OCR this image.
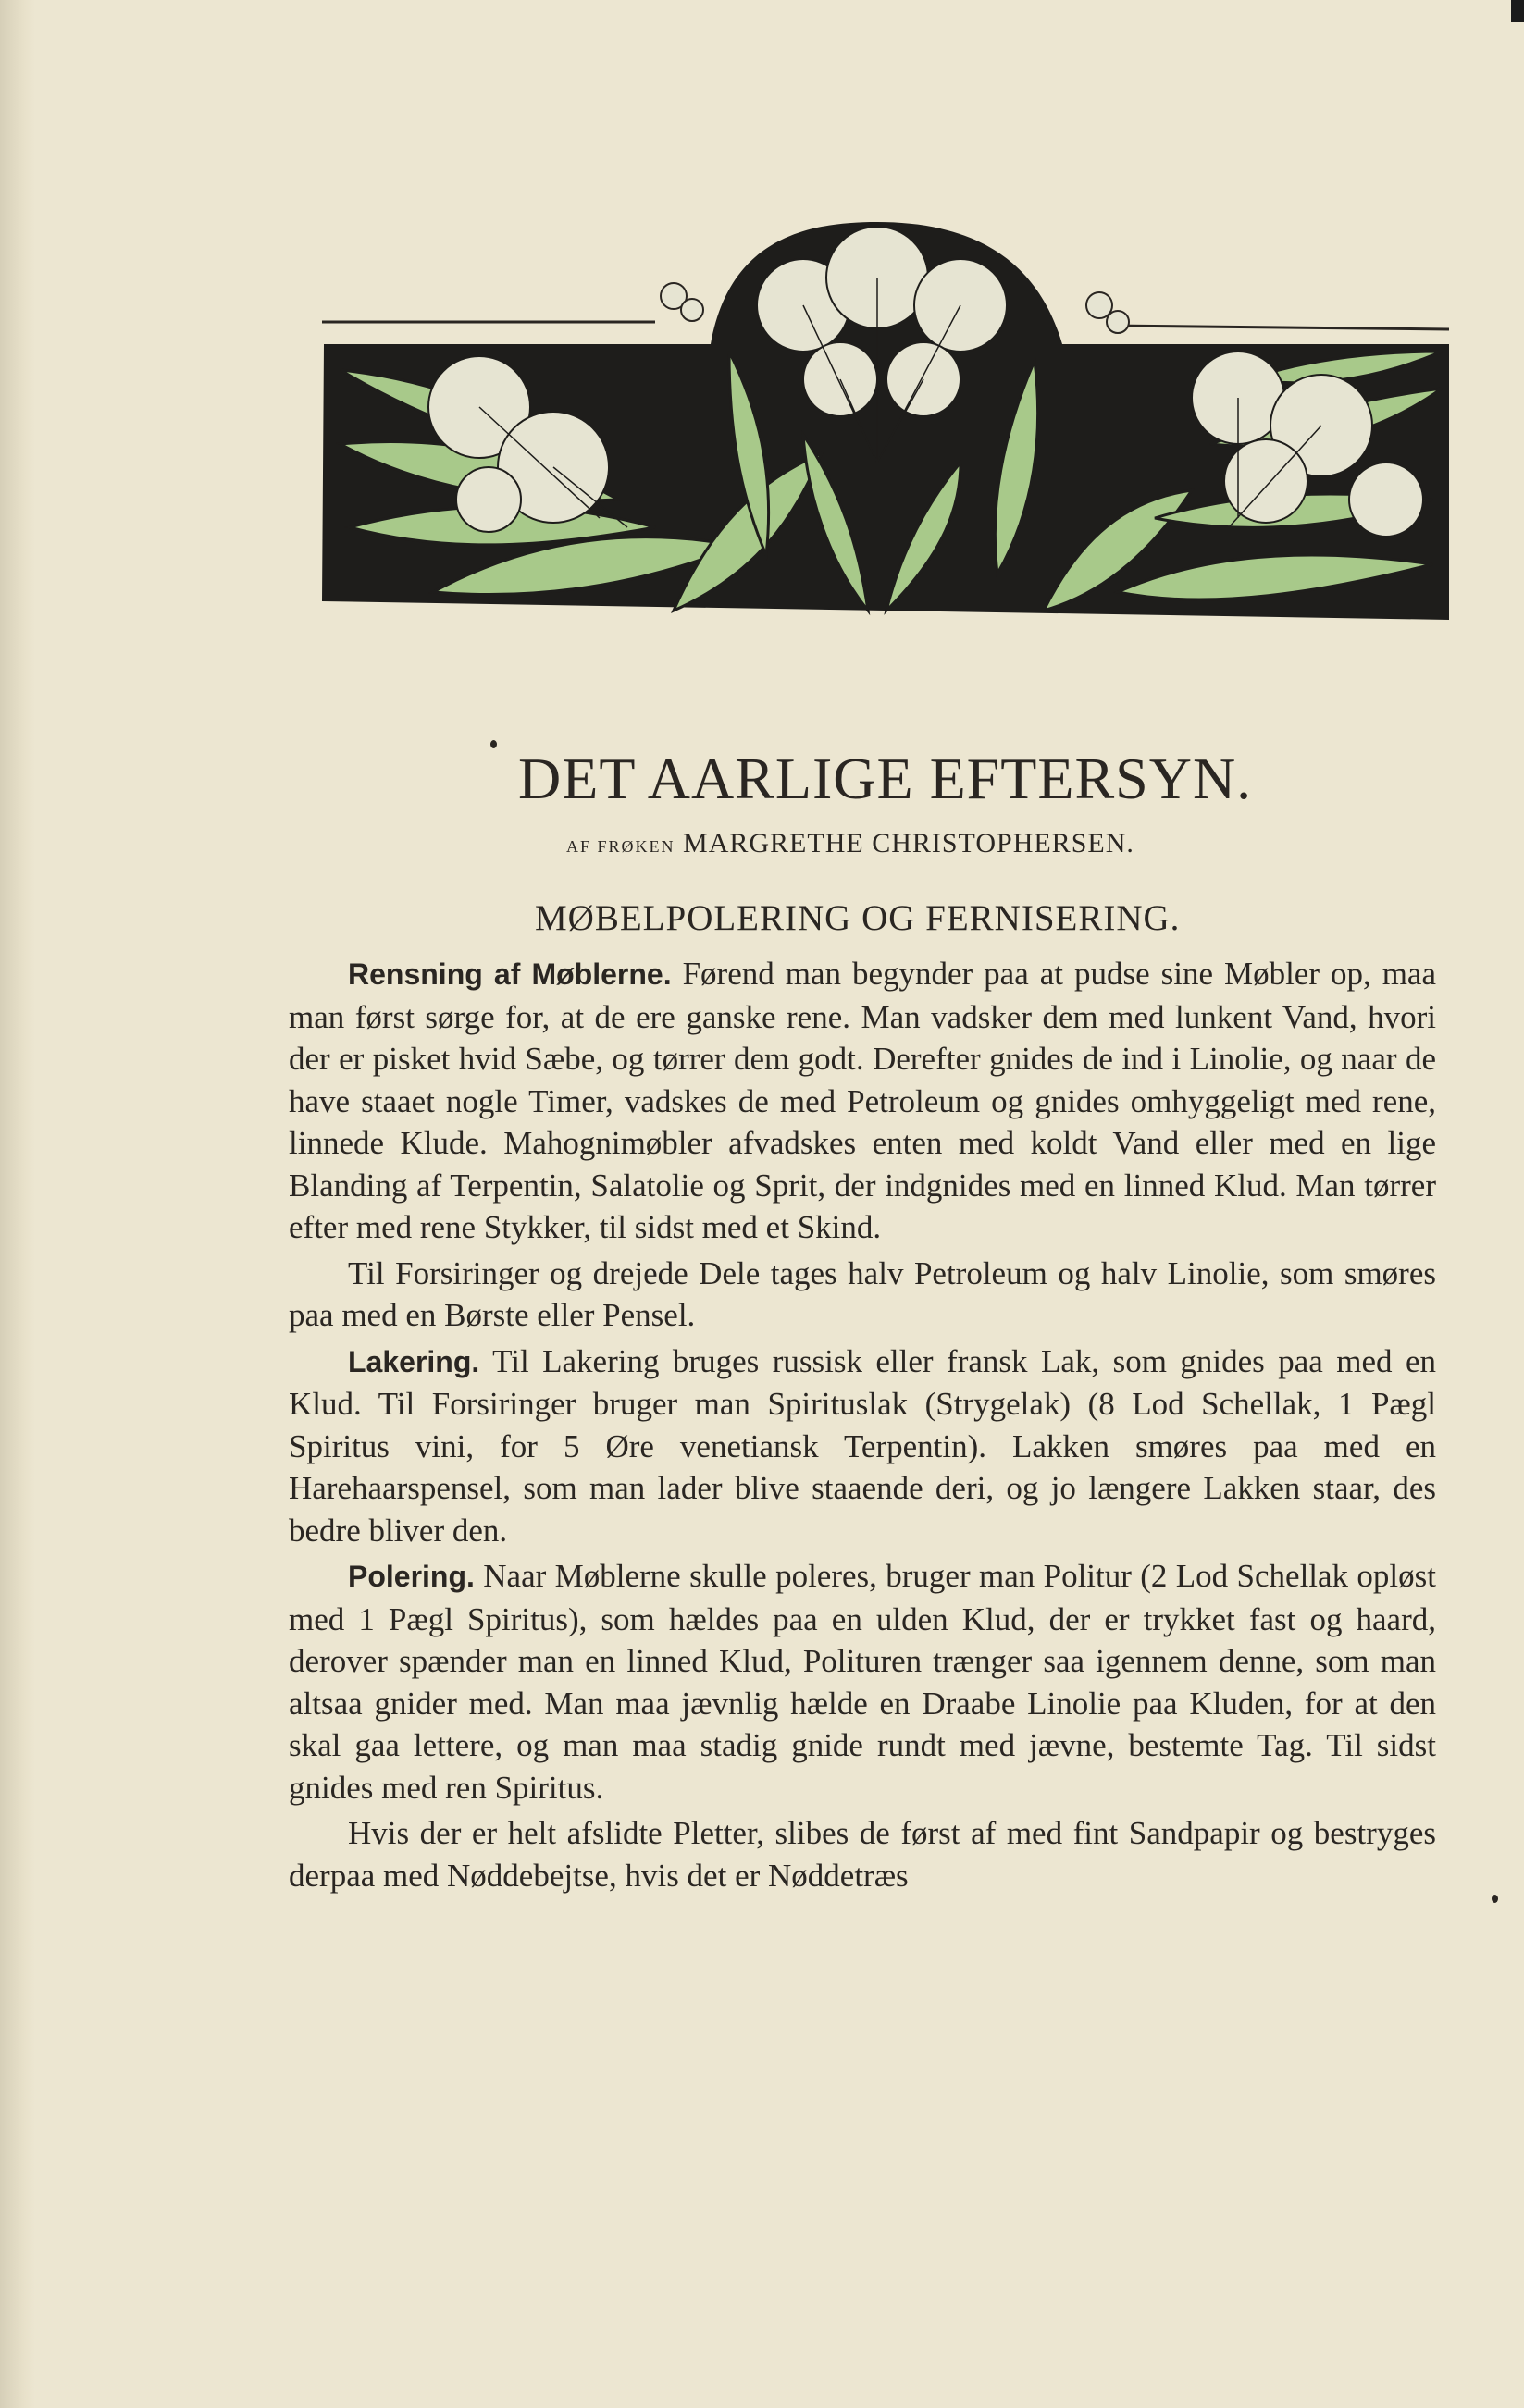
DET AARLIGE EFTERSYN.
AF FRØKEN MARGRETHE CHRISTOPHERSEN.
MØBELPOLERING OG FERNISERING.

Rensning af Møblerne. Førend man begynder paa at pudse sine Møbler op, maa man først sørge for, at de ere ganske rene. Man vadsker dem med lunkent Vand, hvori der er pisket hvid Sæbe, og tørrer dem godt. Derefter gnides de ind i Linolie, og naar de have staaet nogle Timer, vadskes de med Petroleum og gnides omhyggeligt med rene, linnede Klude. Mahognimøbler afvadskes enten med koldt Vand eller med en lige Blanding af Terpentin, Salatolie og Sprit, der indgnides med en linned Klud. Man tørrer efter med rene Stykker, til sidst med et Skind.

Til Forsiringer og drejede Dele tages halv Petroleum og halv Linolie, som smøres paa med en Børste eller Pensel.

Lakering. Til Lakering bruges russisk eller fransk Lak, som gnides paa med en Klud. Til Forsiringer bruger man Spirituslak (Strygelak) (8 Lod Schellak, 1 Pægl Spiritus vini, for 5 Øre venetiansk Terpentin). Lakken smøres paa med en Harehaarspensel, som man lader blive staaende deri, og jo længere Lakken staar, des bedre bliver den.

Polering. Naar Møblerne skulle poleres, bruger man Politur (2 Lod Schellak opløst med 1 Pægl Spiritus), som hældes paa en ulden Klud, der er trykket fast og haard, derover spænder man en linned Klud, Polituren trænger saa igennem denne, som man altsaa gnider med. Man maa jævnlig hælde en Draabe Linolie paa Kluden, for at den skal gaa lettere, og man maa stadig gnide rundt med jævne, bestemte Tag. Til sidst gnides med ren Spiritus.

Hvis der er helt afslidte Pletter, slibes de først af med fint Sandpapir og bestryges derpaa med Nøddebejtse, hvis det er Nøddetræs
